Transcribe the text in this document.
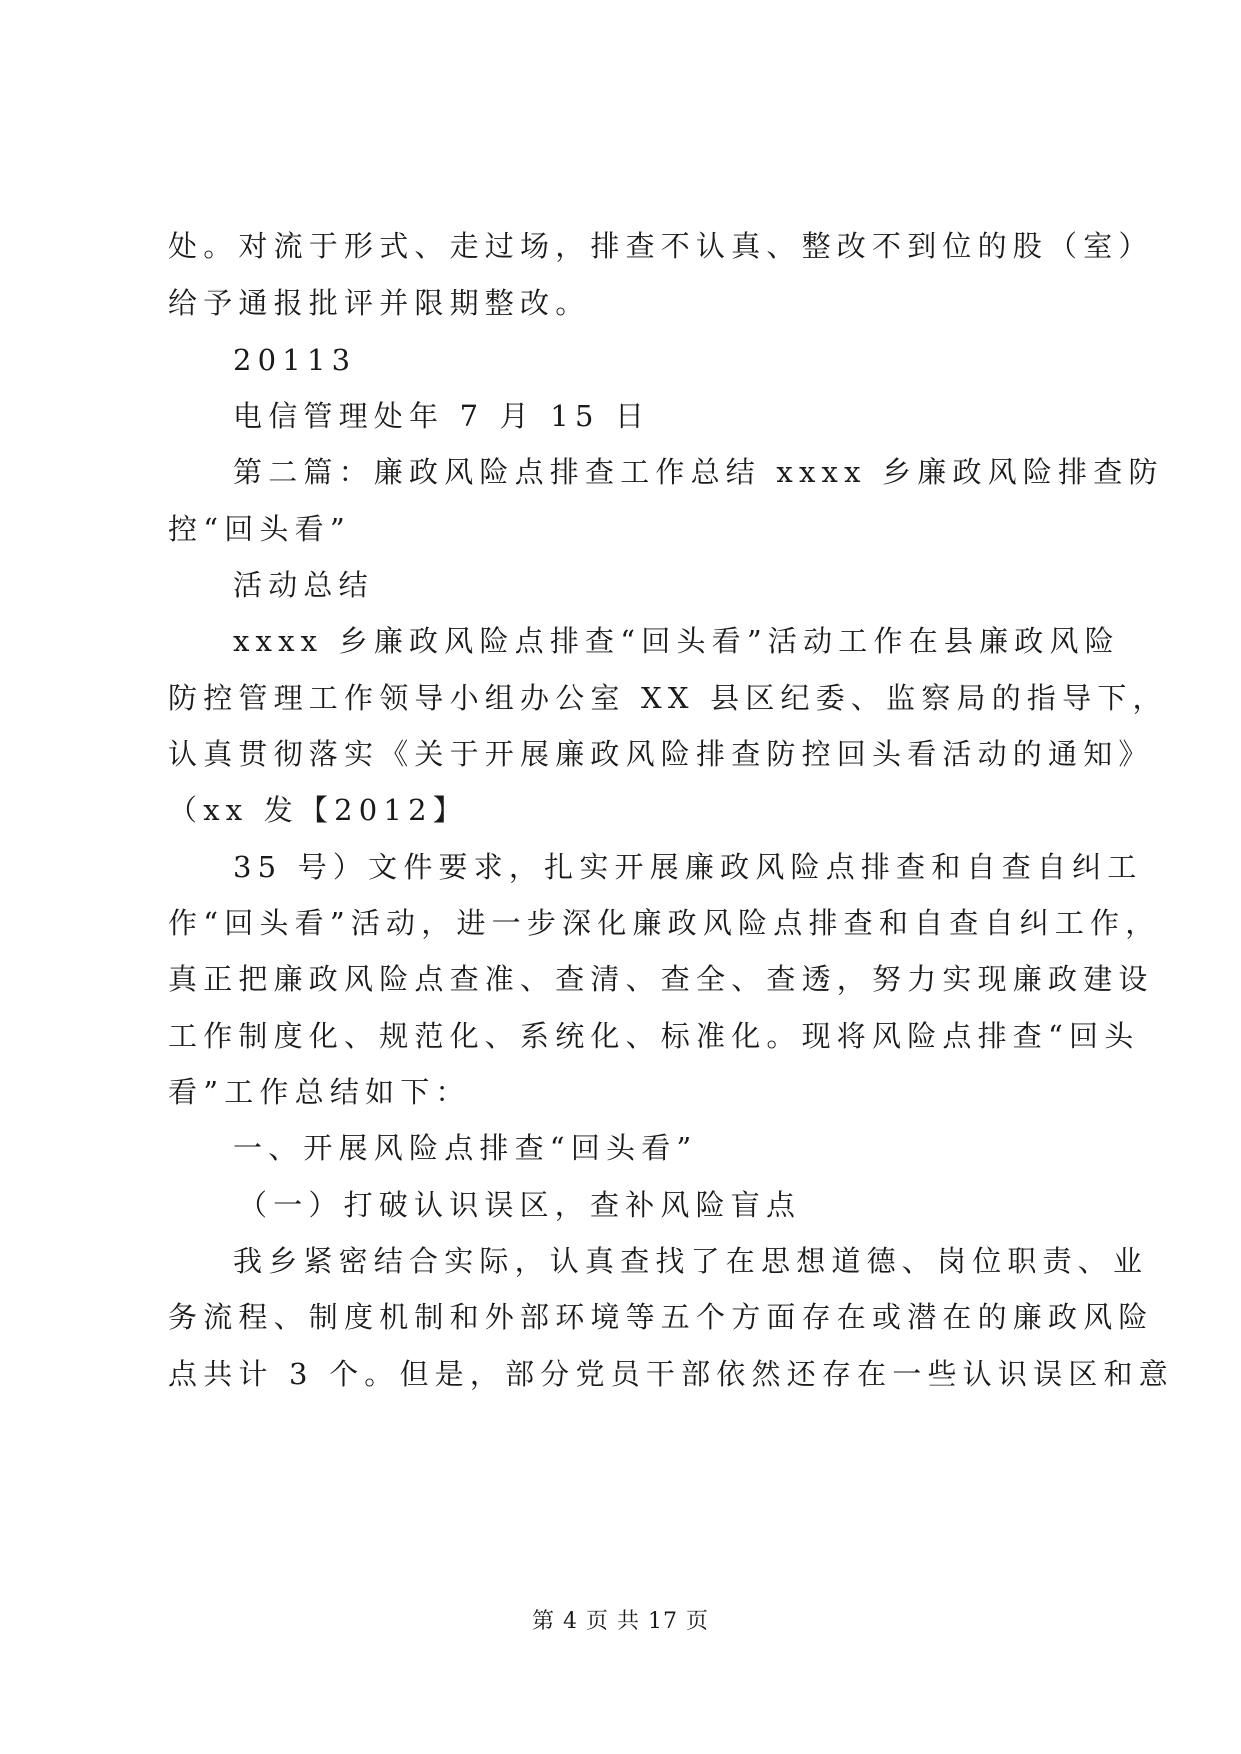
处。对流于形式、走过场，排查不认真、整改不到位的股（室）
给予通报批评并限期整改。
20113
电信管理处年 7 月 15 日
第二篇：廉政风险点排查工作总结 xxxx 乡廉政风险排查防
控“回头看”
活动总结
xxxx 乡廉政风险点排查“回头看”活动工作在县廉政风险
防控管理工作领导小组办公室 XX 县区纪委、监察局的指导下，
认真贯彻落实《关于开展廉政风险排查防控回头看活动的通知》
（xx 发【2012】
35 号）文件要求，扎实开展廉政风险点排查和自查自纠工
作“回头看”活动，进一步深化廉政风险点排查和自查自纠工作，
真正把廉政风险点查准、查清、查全、查透，努力实现廉政建设
工作制度化、规范化、系统化、标准化。现将风险点排查“回头
看”工作总结如下：
一、开展风险点排查“回头看”
（一）打破认识误区，查补风险盲点
我乡紧密结合实际，认真查找了在思想道德、岗位职责、业
务流程、制度机制和外部环境等五个方面存在或潜在的廉政风险
点共计 3 个。但是，部分党员干部依然还存在一些认识误区和意
第 4 页 共 17 页
